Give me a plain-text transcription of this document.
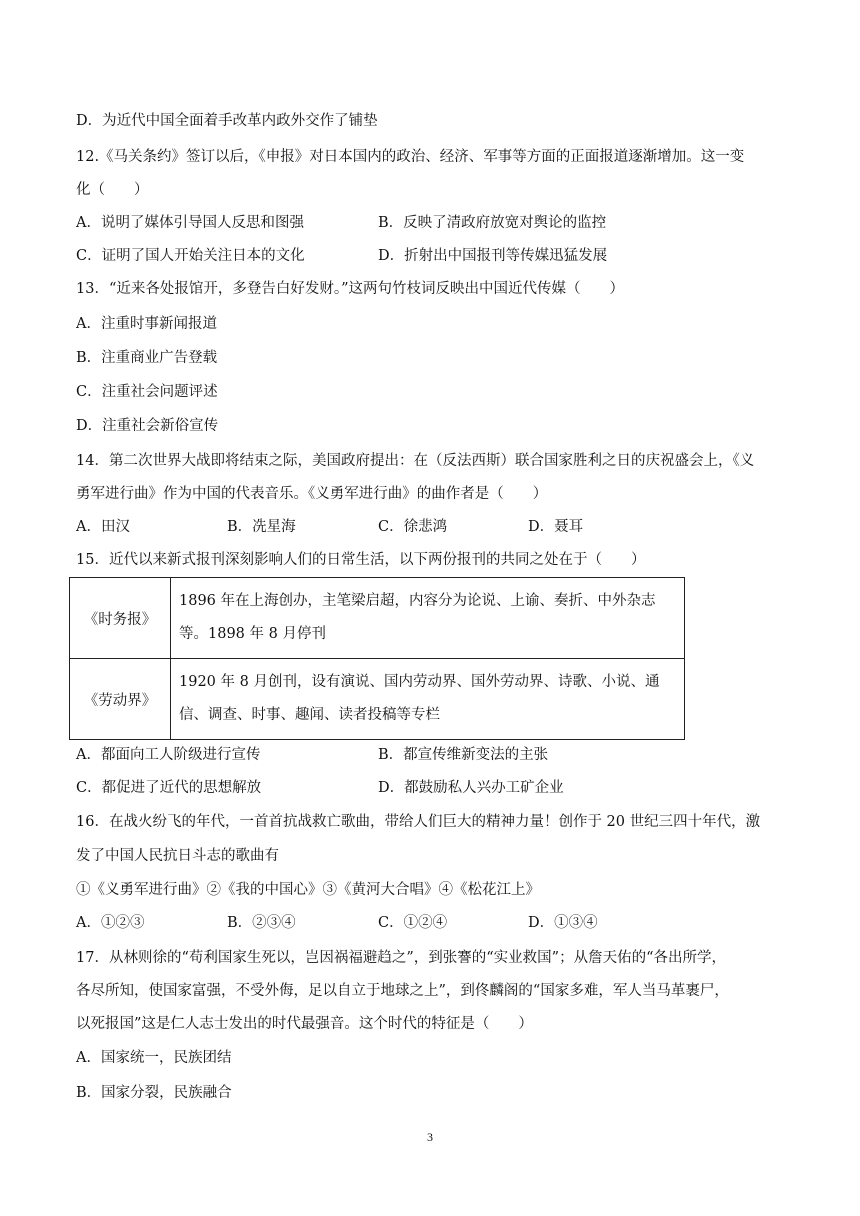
D．为近代中国全面着手改革内政外交作了铺垫
12.《马关条约》签订以后，《申报》对日本国内的政治、经济、军事等方面的正面报道逐渐增加。这一变
化（　　）
A．说明了媒体引导国人反思和图强	B．反映了清政府放宽对舆论的监控
C．证明了国人开始关注日本的文化	D．折射出中国报刊等传媒迅猛发展
13．“近来各处报馆开，多登告白好发财。”这两句竹枝词反映出中国近代传媒（　　）
A．注重时事新闻报道
B．注重商业广告登载
C．注重社会问题评述
D．注重社会新俗宣传
14．第二次世界大战即将结束之际，美国政府提出：在（反法西斯）联合国家胜利之日的庆祝盛会上，《义
勇军进行曲》作为中国的代表音乐。《义勇军进行曲》的曲作者是（　　）
A．田汉	B．冼星海	C．徐悲鸿	D．聂耳
15．近代以来新式报刊深刻影响人们的日常生活，以下两份报刊的共同之处在于（　　）
《时务报》	1896 年在上海创办，主笔梁启超，内容分为论说、上谕、奏折、中外杂志
等。1898 年 8 月停刊

《劳动界》	1920 年 8 月创刊，设有演说、国内劳动界、国外劳动界、诗歌、小说、通
信、调查、时事、趣闻、读者投稿等专栏
A．都面向工人阶级进行宣传	B．都宣传维新变法的主张
C．都促进了近代的思想解放	D．都鼓励私人兴办工矿企业
16．在战火纷飞的年代，一首首抗战救亡歌曲，带给人们巨大的精神力量！创作于 20 世纪三四十年代，激
发了中国人民抗日斗志的歌曲有
①《义勇军进行曲》②《我的中国心》③《黄河大合唱》④《松花江上》
A．①②③	B．②③④	C．①②④	D．①③④
17．从林则徐的“苟利国家生死以，岂因祸福避趋之”，到张謇的“实业救国”；从詹天佑的“各出所学，
各尽所知，使国家富强，不受外侮，足以自立于地球之上”，到佟麟阁的“国家多难，军人当马革裹尸，
以死报国”这是仁人志士发出的时代最强音。这个时代的特征是（　　）
A．国家统一，民族团结
B．国家分裂，民族融合
3
